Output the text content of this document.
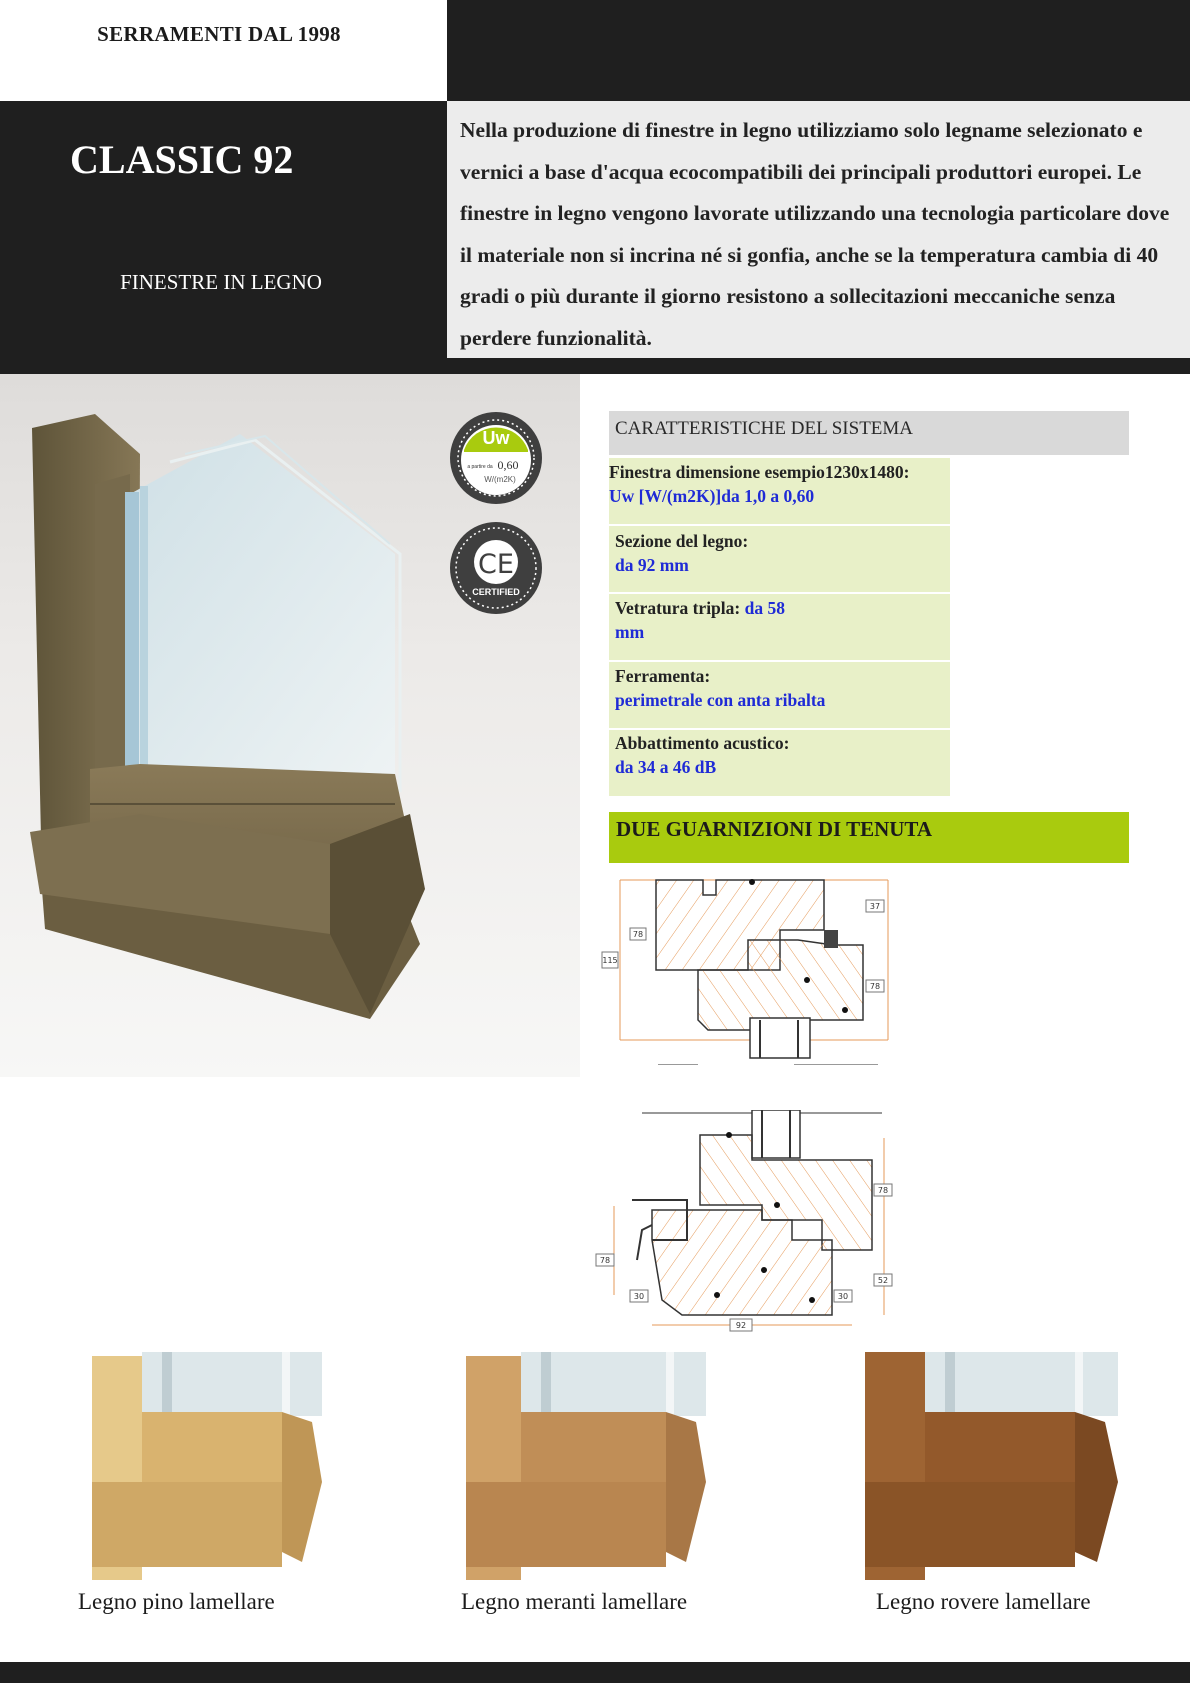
SERRAMENTI DAL 1998
CLASSIC 92
FINESTRE IN LEGNO
Nella produzione di finestre in legno utilizziamo solo legname selezionato e vernici a base d'acqua ecocompatibili dei principali produttori europei. Le finestre in legno vengono lavorate utilizzando una tecnologia particolare dove il materiale non si incrina né si gonfia, anche se la temperatura cambia di 40 gradi o più durante il giorno resistono a sollecitazioni meccaniche senza perdere funzionalità.
Uw
a partire da 0,60
W/(m2K)
CE
CERTIFIED
CARATTERISTICHE DEL SISTEMA
Finestra dimensione esempio1230x1480:
Uw [W/(m2K)]da 1,0 a 0,60
Sezione del legno:
da 92 mm
Vetratura tripla: da 58 mm
Ferramenta:
perimetrale con anta ribalta
Abbattimento acustico:
da 34 a 46 dB
DUE GUARNIZIONI DI TENUTA
78
115
37
78
78
78
52
30	30
92
Legno pino lamellare	Legno meranti lamellare	Legno rovere lamellare
